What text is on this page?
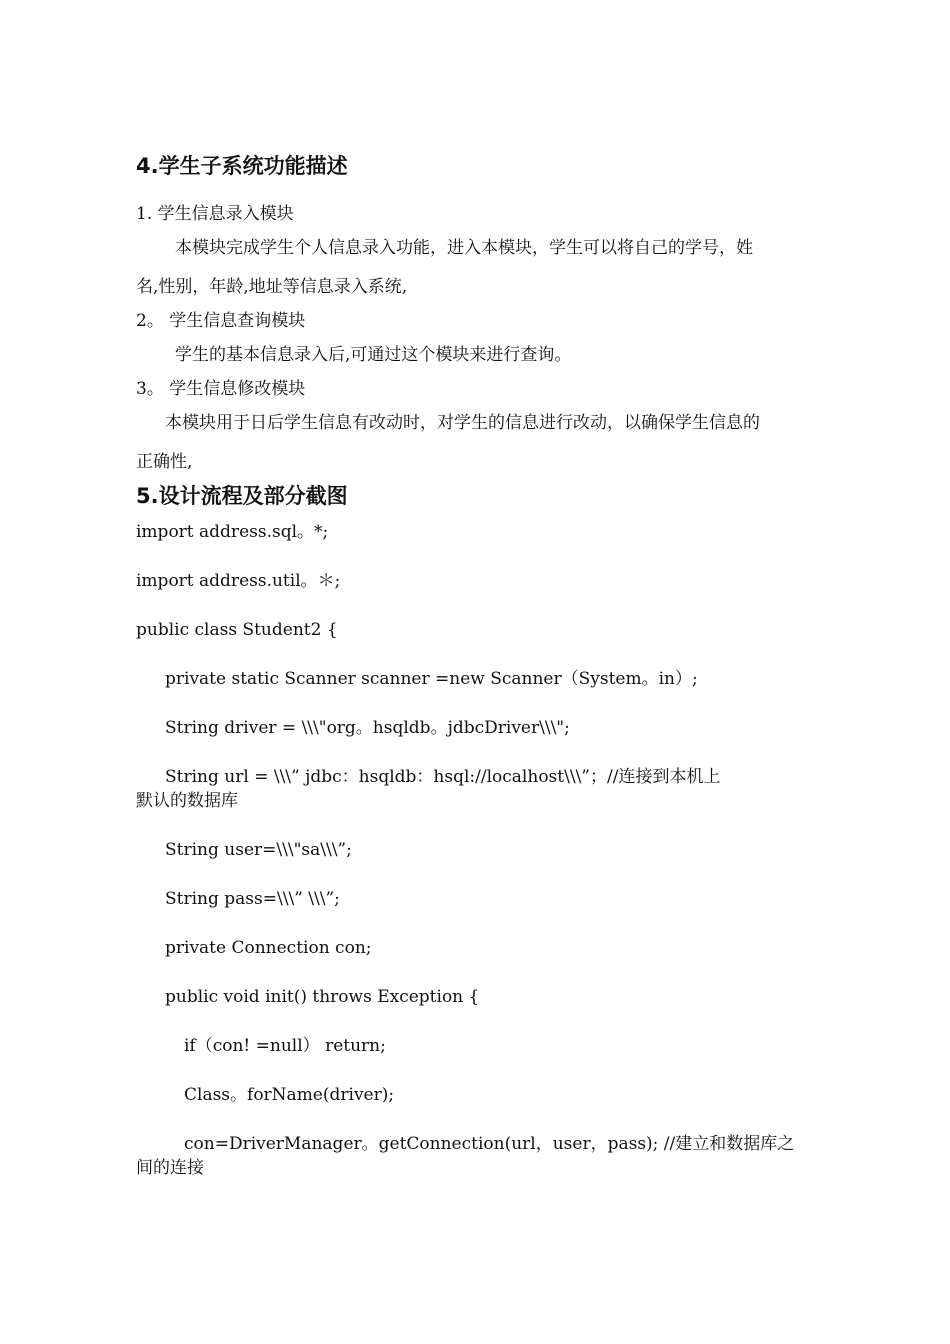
4.学生子系统功能描述
1. 学生信息录入模块
本模块完成学生个人信息录入功能，进入本模块，学生可以将自己的学号，姓
名,性别，年龄,地址等信息录入系统,
2。 学生信息查询模块
学生的基本信息录入后,可通过这个模块来进行查询。
3。 学生信息修改模块
本模块用于日后学生信息有改动时，对学生的信息进行改动，以确保学生信息的
正确性,
5.设计流程及部分截图
import address.sql。*;
import address.util。＊;
public class Student2 {
private static Scanner scanner =new Scanner（System。in）;
String driver = \\\"org。hsqldb。jdbcDriver\\\";
String url = \\\” jdbc：hsqldb：hsql://localhost\\\”；//连接到本机上
默认的数据库
String user=\\\"sa\\\”;
String pass=\\\” \\\”;
private Connection con;
public void init() throws Exception {
if（con! =null） return;
Class。forName(driver);
con=DriverManager。getConnection(url，user，pass); //建立和数据库之
间的连接
